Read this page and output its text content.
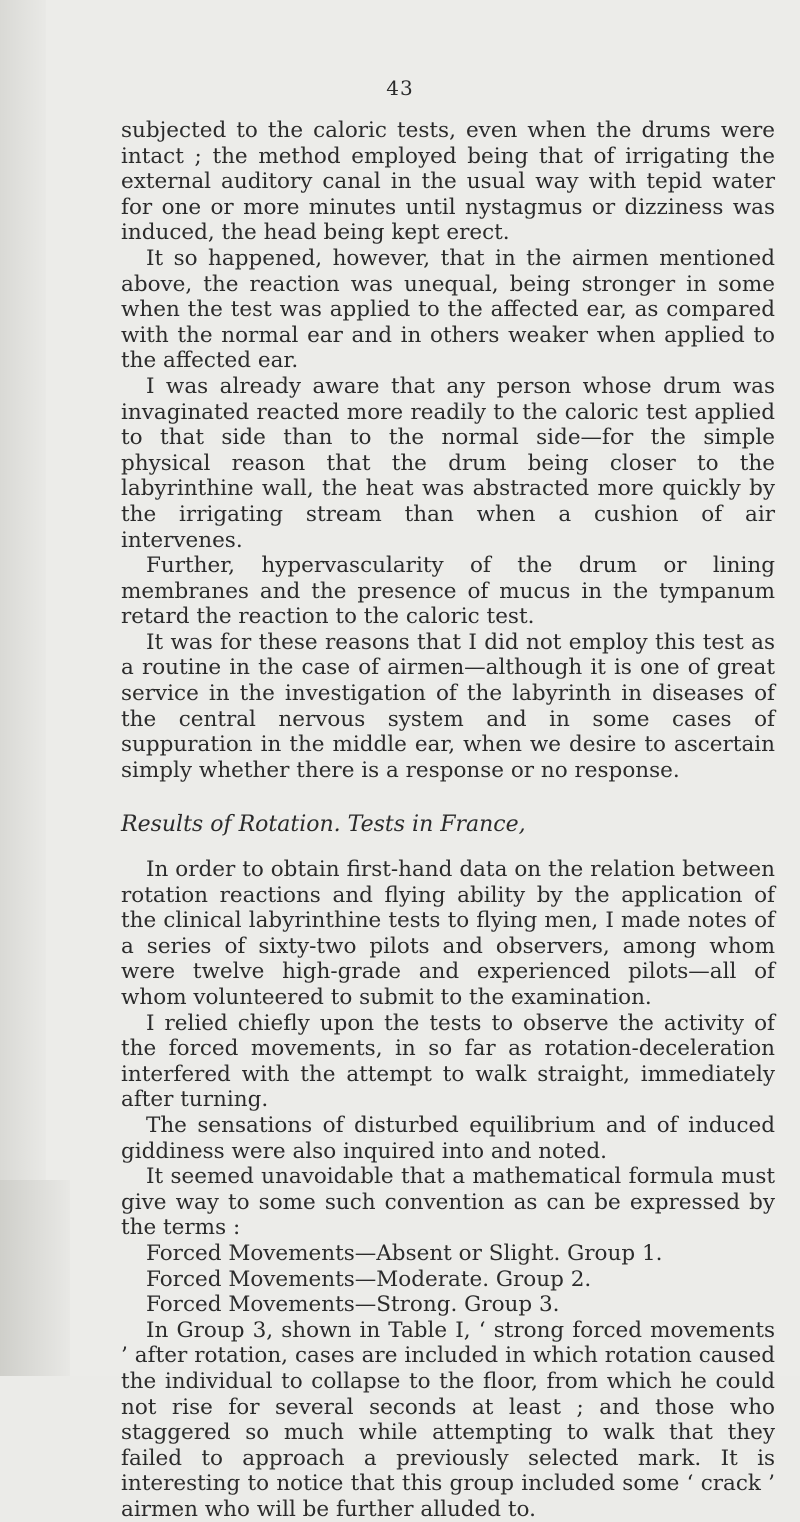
43

subjected to the caloric tests, even when the drums were intact ; the method employed being that of irrigating the external auditory canal in the usual way with tepid water for one or more minutes until nystagmus or dizziness was induced, the head being kept erect.

It so happened, however, that in the airmen mentioned above, the reaction was unequal, being stronger in some when the test was applied to the affected ear, as compared with the normal ear and in others weaker when applied to the affected ear.

I was already aware that any person whose drum was invaginated reacted more readily to the caloric test applied to that side than to the normal side—for the simple physical reason that the drum being closer to the labyrinthine wall, the heat was abstracted more quickly by the irrigating stream than when a cushion of air intervenes.

Further, hypervascularity of the drum or lining membranes and the presence of mucus in the tympanum retard the reaction to the caloric test.

It was for these reasons that I did not employ this test as a routine in the case of airmen—although it is one of great service in the investigation of the labyrinth in diseases of the central nervous system and in some cases of suppuration in the middle ear, when we desire to ascertain simply whether there is a response or no response.

Results of Rotation. Tests in France,

In order to obtain first-hand data on the relation between rotation reactions and flying ability by the application of the clinical labyrinthine tests to flying men, I made notes of a series of sixty-two pilots and observers, among whom were twelve high-grade and experienced pilots—all of whom volunteered to submit to the examination.

I relied chiefly upon the tests to observe the activity of the forced movements, in so far as rotation-deceleration interfered with the attempt to walk straight, immediately after turning.

The sensations of disturbed equilibrium and of induced giddiness were also inquired into and noted.

It seemed unavoidable that a mathematical formula must give way to some such convention as can be expressed by the terms :

Forced Movements—Absent or Slight. Group 1.

Forced Movements—Moderate. Group 2.

Forced Movements—Strong. Group 3.

In Group 3, shown in Table I, ‘ strong forced movements ’ after rotation, cases are included in which rotation caused the individual to collapse to the floor, from which he could not rise for several seconds at least ; and those who staggered so much while attempting to walk that they failed to approach a previously selected mark. It is interesting to notice that this group included some ‘ crack ’ airmen who will be further alluded to.
